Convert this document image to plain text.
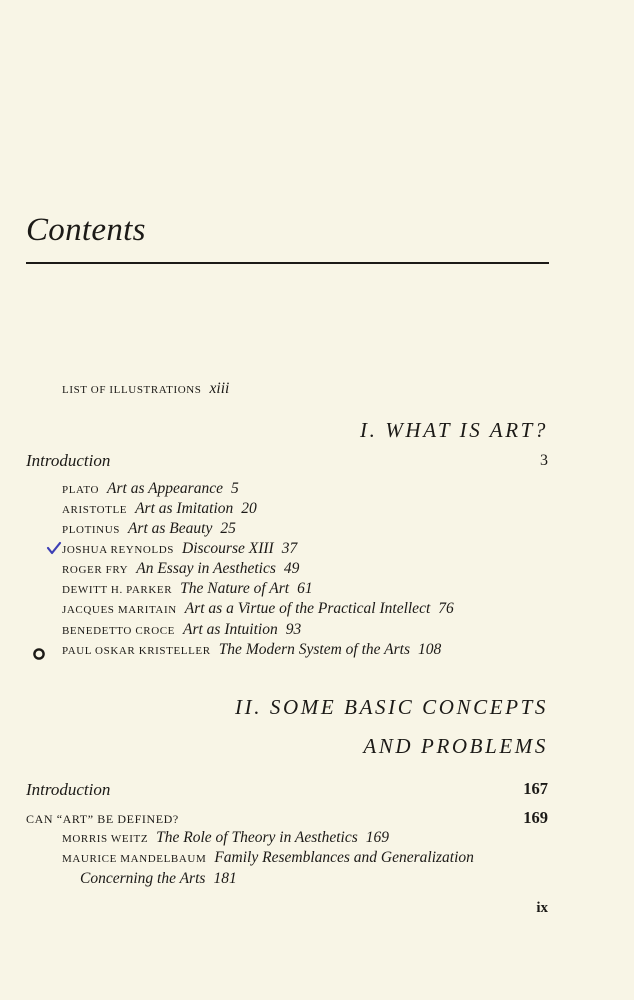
Contents
LIST OF ILLUSTRATIONS xiii
I. WHAT IS ART?
Introduction	3
PLATO Art as Appearance 5
ARISTOTLE Art as Imitation 20
PLOTINUS Art as Beauty 25
JOSHUA REYNOLDS Discourse XIII 37
ROGER FRY An Essay in Aesthetics 49
DEWITT H. PARKER The Nature of Art 61
JACQUES MARITAIN Art as a Virtue of the Practical Intellect 76
BENEDETTO CROCE Art as Intuition 93
PAUL OSKAR KRISTELLER The Modern System of the Arts 108
II. SOME BASIC CONCEPTS
AND PROBLEMS
Introduction	167
CAN “ART” BE DEFINED?	169
MORRIS WEITZ The Role of Theory in Aesthetics 169
MAURICE MANDELBAUM Family Resemblances and Generalization
Concerning the Arts 181
ix
